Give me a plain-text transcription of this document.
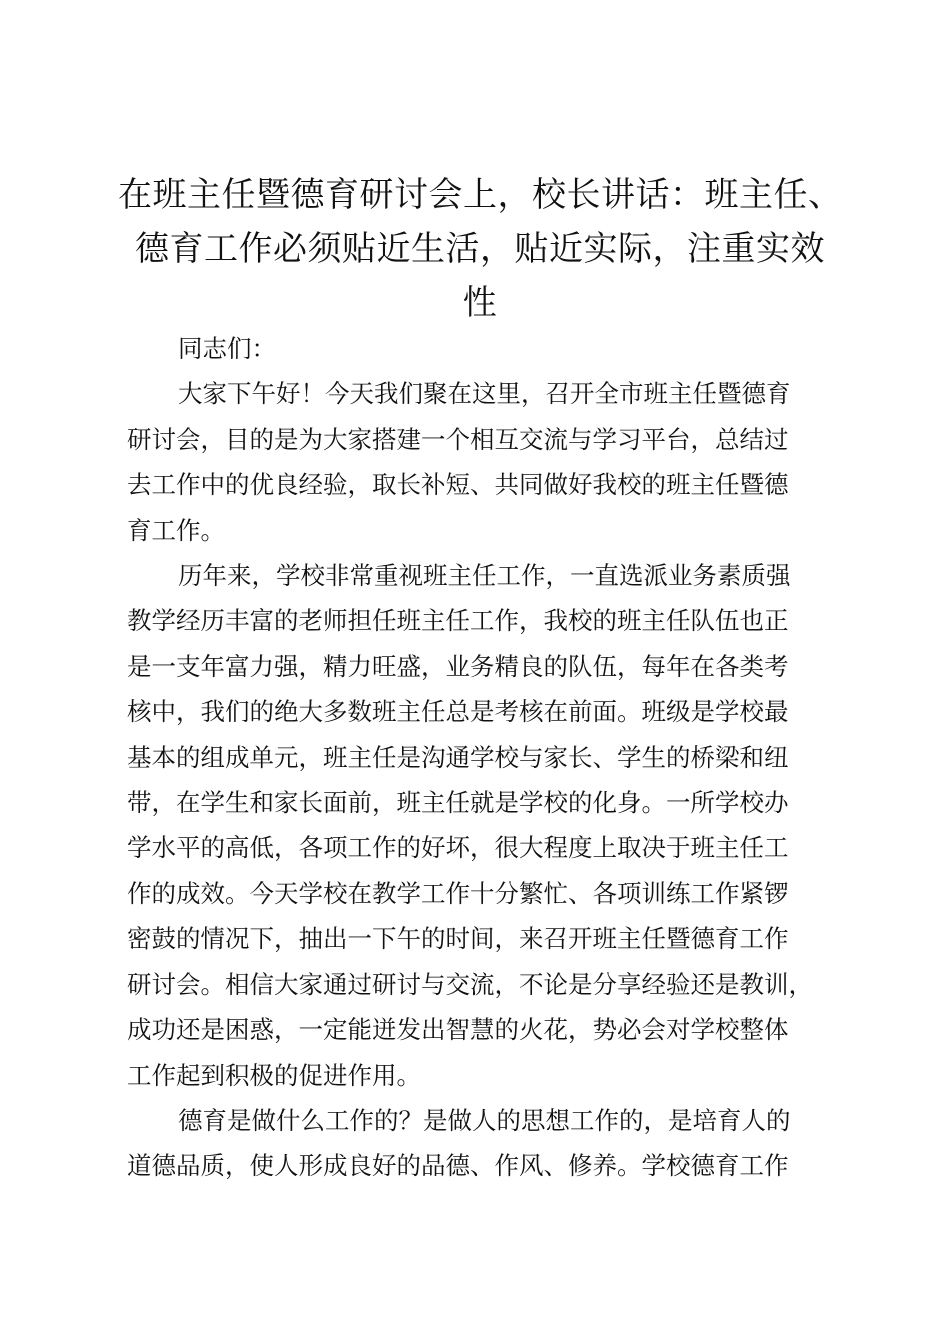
在班主任暨德育研讨会上，校长讲话：班主任、
德育工作必须贴近生活，贴近实际，注重实效
性

同志们：

大家下午好！今天我们聚在这里，召开全市班主任暨德育
研讨会，目的是为大家搭建一个相互交流与学习平台，总结过
去工作中的优良经验，取长补短、共同做好我校的班主任暨德
育工作。

历年来，学校非常重视班主任工作，一直选派业务素质强
教学经历丰富的老师担任班主任工作，我校的班主任队伍也正
是一支年富力强，精力旺盛，业务精良的队伍，每年在各类考
核中，我们的绝大多数班主任总是考核在前面。班级是学校最
基本的组成单元，班主任是沟通学校与家长、学生的桥梁和纽
带，在学生和家长面前，班主任就是学校的化身。一所学校办
学水平的高低，各项工作的好坏，很大程度上取决于班主任工
作的成效。今天学校在教学工作十分繁忙、各项训练工作紧锣
密鼓的情况下，抽出一下午的时间，来召开班主任暨德育工作
研讨会。相信大家通过研讨与交流，不论是分享经验还是教训，
成功还是困惑，一定能迸发出智慧的火花，势必会对学校整体
工作起到积极的促进作用。

德育是做什么工作的？是做人的思想工作的，是培育人的
道德品质，使人形成良好的品德、作风、修养。学校德育工作
